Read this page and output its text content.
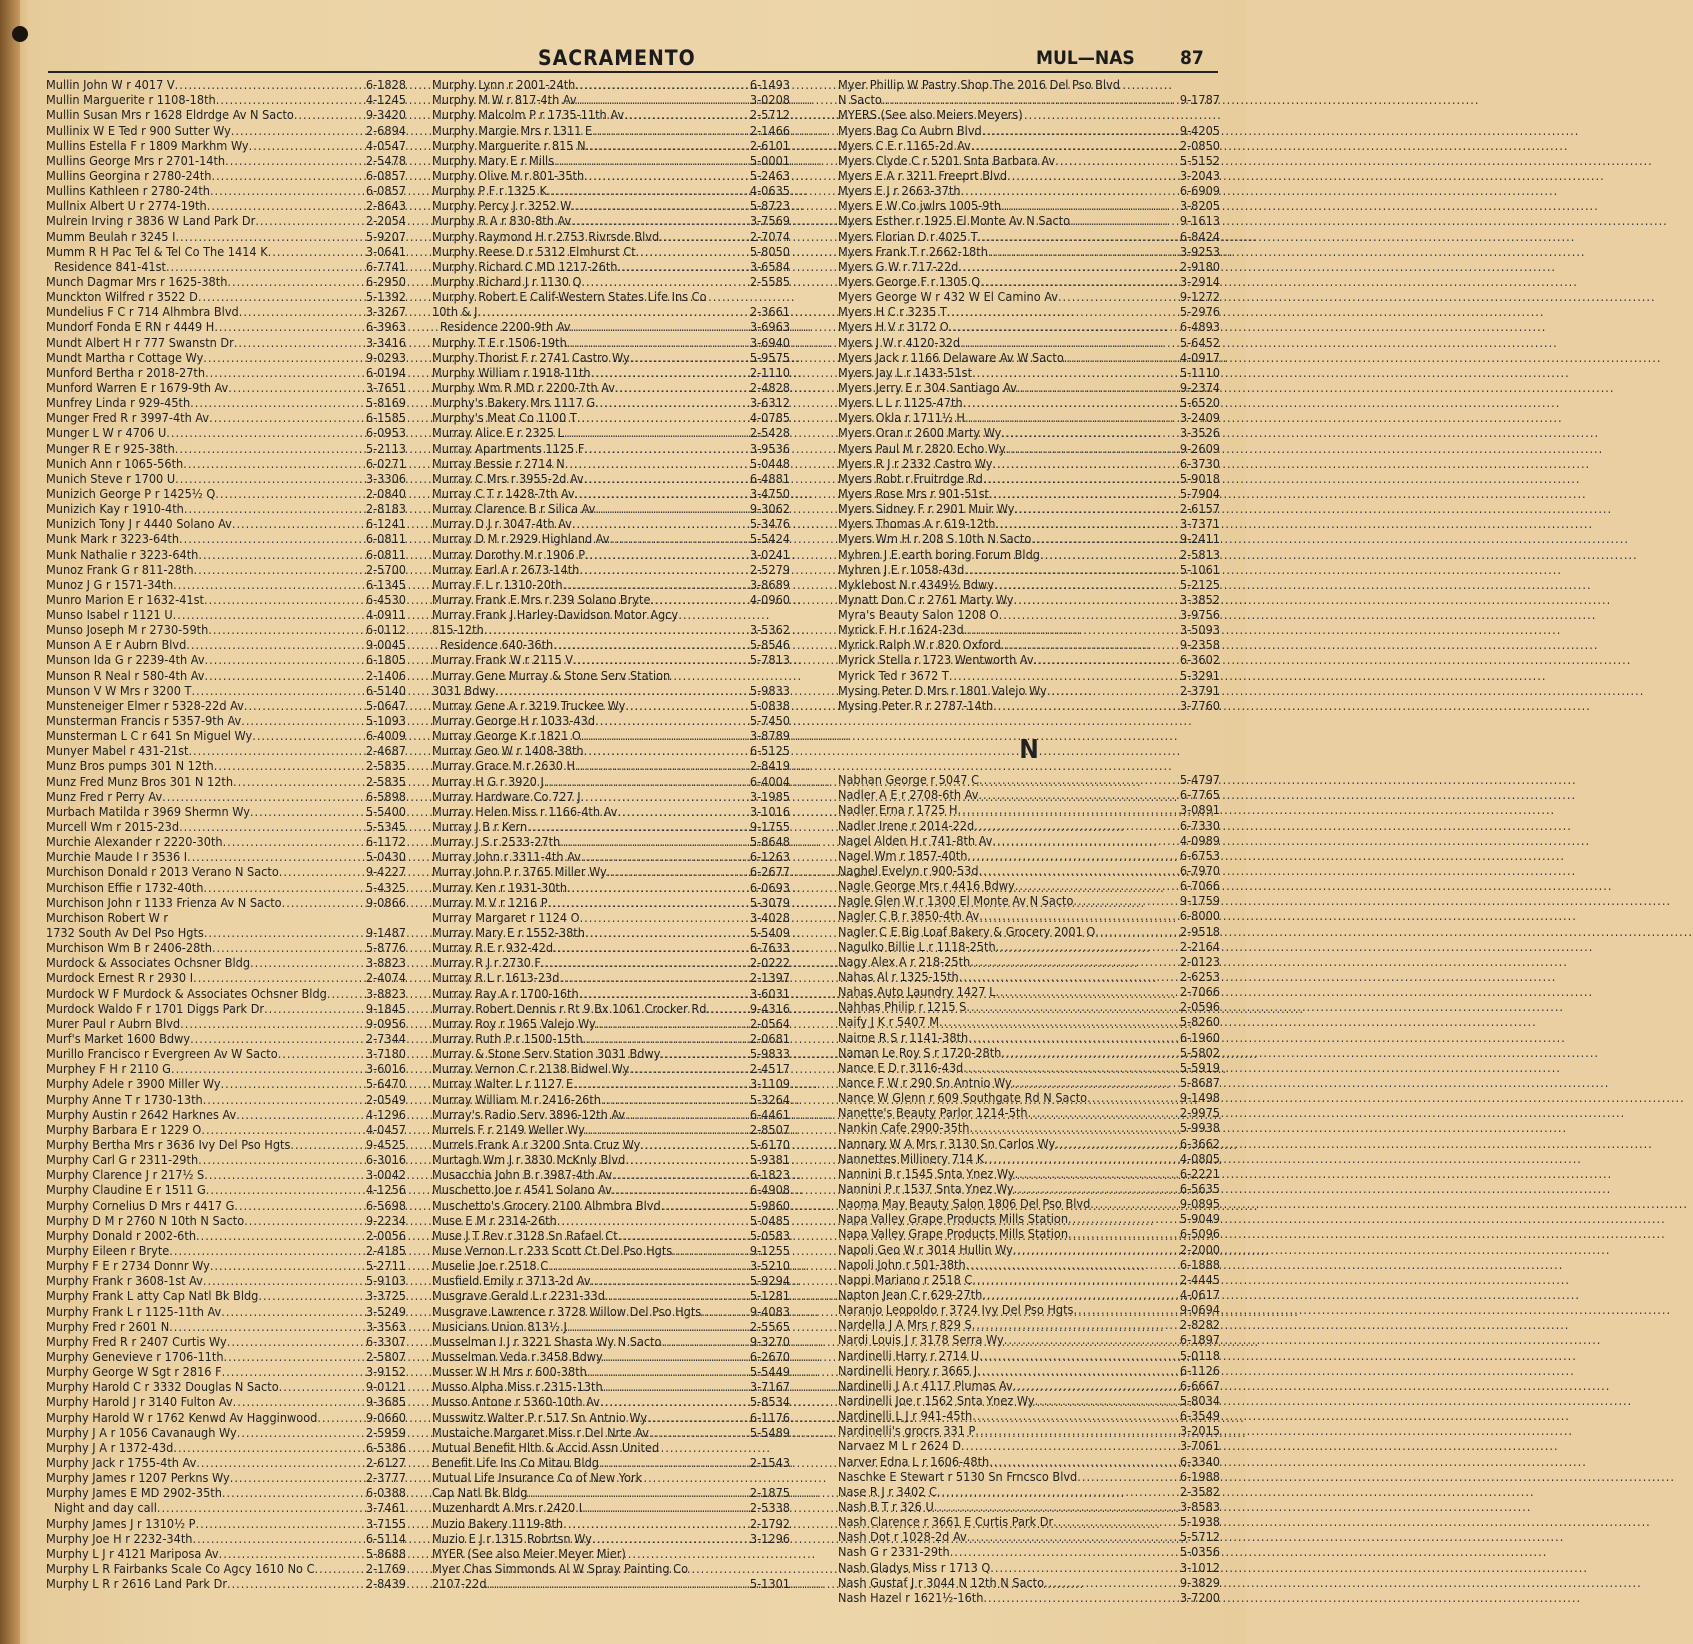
SACRAMENTO	MUL—NAS 87
Mullin John W r 4017 V .....	6-1828
Mullin Marguerite r 1108-18th .....	4-1245
Mullin Susan Mrs r 1628 Eldrdge Av N Sacto .....	9-3420
Mullinix W E Ted r 900 Sutter Wy .....	2-6894
Mullins Estella F r 1809 Markhm Wy .....	4-0547
Mullins George Mrs r 2701-14th .....	2-5478
Mullins Georgina r 2780-24th .....	6-0857
Mullins Kathleen r 2780-24th .....	6-0857
Mullnix Albert U r 2774-19th .....	2-8643
Mulrein Irving r 3836 W Land Park Dr .....	2-2054
Mumm Beulah r 3245 I .....	5-9207
Mumm R H Pac Tel & Tel Co The 1414 K .....	3-0641
Residence 841-41st .....	6-7741
Munch Dagmar Mrs r 1625-38th .....	6-2950
Munckton Wilfred r 3522 D .....	5-1392
Mundelius F C r 714 Alhmbra Blvd .....	3-3267
Mundorf Fonda E RN r 4449 H .....	6-3963
Mundt Albert H r 777 Swanstn Dr .....	3-3416
Mundt Martha r Cottage Wy .....	9-0293
Munford Bertha r 2018-27th .....	6-0194
Munford Warren E r 1679-9th Av .....	3-7651
Munfrey Linda r 929-45th .....	5-8169
Munger Fred R r 3997-4th Av .....	6-1585
Munger L W r 4706 U .....	6-0953
Munger R E r 925-38th .....	5-2113
Munich Ann r 1065-56th .....	6-0271
Munich Steve r 1700 U .....	3-3306
Munizich George P r 1425½ Q .....	2-0840
Munizich Kay r 1910-4th .....	2-8183
Munizich Tony J r 4440 Solano Av .....	6-1241
Munk Mark r 3223-64th .....	6-0811
Munk Nathalie r 3223-64th .....	6-0811
Munoz Frank G r 811-28th .....	2-5700
Munoz J G r 1571-34th .....	6-1345
Munro Marion E r 1632-41st .....	6-4530
Munso Isabel r 1121 U .....	4-0911
Munso Joseph M r 2730-59th .....	6-0112
Munson A E r Aubrn Blvd .....	9-0045
Munson Ida G r 2239-4th Av .....	6-1805
Munson R Neal r 580-4th Av .....	2-1406
Munson V W Mrs r 3200 T .....	6-5140
Munsteneiger Elmer r 5328-22d Av .....	5-0647
Munsterman Francis r 5357-9th Av .....	5-1093
Munsterman L C r 641 Sn Miguel Wy .....	6-4009
Munyer Mabel r 431-21st .....	2-4687
Munz Bros pumps 301 N 12th .....	2-5835
Munz Fred Munz Bros 301 N 12th .....	2-5835
Munz Fred r Perry Av .....	6-5898
Murbach Matilda r 3969 Shermn Wy .....	5-5400
Murcell Wm r 2015-23d .....	5-5345
Murchie Alexander r 2220-30th .....	6-1172
Murchie Maude I r 3536 I .....	5-0430
Murchison Donald r 2013 Verano N Sacto .....	9-4227
Murchison Effie r 1732-40th .....	5-4325
Murchison John r 1133 Frienza Av N Sacto .....	9-0866
Murchison Robert W r
1732 South Av Del Pso Hgts .....	9-1487
Murchison Wm B r 2406-28th .....	5-8776
Murdock & Associates Ochsner Bldg .....	3-8823
Murdock Ernest R r 2930 I .....	2-4074
Murdock W F Murdock & Associates Ochsner Bldg .....	3-8823
Murdock Waldo F r 1701 Diggs Park Dr .....	9-1845
Murer Paul r Aubrn Blvd .....	9-0956
Murf's Market 1600 Bdwy .....	2-7344
Murillo Francisco r Evergreen Av W Sacto .....	3-7180
Murphey F H r 2110 G .....	3-6016
Murphy Adele r 3900 Miller Wy .....	5-6470
Murphy Anne T r 1730-13th .....	2-0549
Murphy Austin r 2642 Harknes Av .....	4-1296
Murphy Barbara E r 1229 O .....	4-0457
Murphy Bertha Mrs r 3636 Ivy Del Pso Hgts .....	9-4525
Murphy Carl G r 2311-29th .....	6-3016
Murphy Clarence J r 217½ S .....	3-0042
Murphy Claudine E r 1511 G .....	4-1256
Murphy Cornelius D Mrs r 4417 G .....	6-5698
Murphy D M r 2760 N 10th N Sacto .....	9-2234
Murphy Donald r 2002-6th .....	2-0056
Murphy Eileen r Bryte .....	2-4185
Murphy F E r 2734 Donnr Wy .....	5-2711
Murphy Frank r 3608-1st Av .....	5-9103
Murphy Frank L atty Cap Natl Bk Bldg .....	3-3725
Murphy Frank L r 1125-11th Av .....	3-5249
Murphy Fred r 2601 N .....	3-3563
Murphy Fred R r 2407 Curtis Wy .....	6-3307
Murphy Genevieve r 1706-11th .....	2-5807
Murphy George W Sgt r 2816 F .....	3-9152
Murphy Harold C r 3332 Douglas N Sacto .....	9-0121
Murphy Harold J r 3140 Fulton Av .....	9-3685
Murphy Harold W r 1762 Kenwd Av Hagginwood .....	9-0660
Murphy J A r 1056 Cavanaugh Wy .....	2-5959
Murphy J A r 1372-43d .....	6-5386
Murphy Jack r 1755-4th Av .....	2-6127
Murphy James r 1207 Perkns Wy .....	2-3777
Murphy James E MD 2902-35th .....	6-0388
Night and day call .....	3-7461
Murphy James J r 1310½ P .....	3-7155
Murphy Joe H r 2232-34th .....	6-5114
Murphy L J r 4121 Mariposa Av .....	5-8688
Murphy L R Fairbanks Scale Co Agcy 1610 No C .....	2-1769
Murphy L R r 2616 Land Park Dr .....	2-8439
Murphy Lynn r 2001-24th .....	6-1493
Murphy M W r 817-4th Av .....	3-0208
Murphy Malcolm P r 1735-11th Av .....	2-5712
Murphy Margie Mrs r 1311 E .....	2-1466
Murphy Marguerite r 815 N .....	2-6101
Murphy Mary E r Mills .....	5-0001
Murphy Olive M r 801-35th .....	5-2463
Murphy P F r 1325 K .....	4-0635
Murphy Percy J r 3252 W .....	5-8723
Murphy R A r 830-8th Av .....	3-7569
Murphy Raymond H r 2753 Rivrsde Blvd .....	2-7074
Murphy Reese D r 5312 Elmhurst Ct .....	5-8050
Murphy Richard C MD 1217-26th .....	3-6584
Murphy Richard J r 1130 Q .....	2-5585
Murphy Robert E Calif-Western States Life Ins Co
10th & J .....	2-3661
Residence 2200-9th Av .....	3-6963
Murphy T E r 1506-19th .....	3-6940
Murphy Thorist F r 2741 Castro Wy .....	5-9575
Murphy William r 1918-11th .....	2-1110
Murphy Wm R MD r 2200-7th Av .....	2-4828
Murphy's Bakery Mrs 1117 G .....	3-6312
Murphy's Meat Co 1100 T .....	4-0785
Murray Alice E r 2325 L .....	2-5428
Murray Apartments 1125 F .....	3-9536
Murray Bessie r 2714 N .....	5-0448
Murray C Mrs r 3955-2d Av .....	6-4881
Murray C T r 1428-7th Av .....	3-4750
Murray Clarence B r Silica Av .....	9-3062
Murray D J r 3047-4th Av .....	5-3476
Murray D M r 2929 Highland Av .....	5-5424
Murray Dorothy M r 1906 P .....	3-0241
Murray Earl A r 2673-14th .....	2-5279
Murray F L r 1310-20th .....	3-8689
Murray Frank E Mrs r 239 Solano Bryte .....	4-0960
Murray Frank J Harley-Davidson Motor Agcy
815-12th .....	3-5362
Residence 640-36th .....	5-8546
Murray Frank W r 2115 V .....	5-7813
Murray Gene Murray & Stone Serv Station
3031 Bdwy .....	5-9833
Murray Gene A r 3219 Truckee Wy .....	5-0838
Murray George H r 1033-43d .....	5-7450
Murray George K r 1821 O .....	3-8789
Murray Geo W r 1408-38th .....	6-5125
Murray Grace M r 2630 H .....	2-8419
Murray H G r 3920 J .....	6-4004
Murray Hardware Co 727 J .....	3-1985
Murray Helen Miss r 1166-4th Av .....	3-1016
Murray J B r Kern .....	9-1755
Murray J S r 2533-27th .....	5-8648
Murray John r 3311-4th Av .....	6-1263
Murray John P r 3765 Miller Wy .....	6-2677
Murray Ken r 1931-30th .....	6-0693
Murray M V r 1216 P .....	5-3079
Murray Margaret r 1124 O .....	3-4028
Murray Mary E r 1552-38th .....	5-5409
Murray R E r 932-42d .....	6-7633
Murray R J r 2730 F .....	2-0222
Murray R L r 1613-23d .....	2-1397
Murray Ray A r 1700-16th .....	3-6031
Murray Robert Dennis r Rt 9 Bx 1061 Crocker Rd .....	9-4316
Murray Roy r 1965 Valejo Wy .....	2-0564
Murray Ruth P r 1500-15th .....	2-0681
Murray & Stone Serv Station 3031 Bdwy .....	5-9833
Murray Vernon C r 2138 Bidwel Wy .....	2-4517
Murray Walter L r 1127 E .....	3-1109
Murray William M r 2416-26th .....	5-3264
Murray's Radio Serv 3896-12th Av .....	6-4461
Murrels F r 2149 Weller Wy .....	2-8507
Murrels Frank A r 3200 Snta Cruz Wy .....	5-6170
Murtagh Wm J r 3830 McKnly Blvd .....	5-9381
Musacchia John B r 3987-4th Av .....	6-1823
Muschetto Joe r 4541 Solano Av .....	6-4908
Muschetto's Grocery 2100 Alhmbra Blvd .....	5-9860
Muse E M r 2314-26th .....	5-0485
Muse J T Rev r 3128 Sn Rafael Ct .....	5-0583
Muse Vernon L r 233 Scott Ct Del Pso Hgts .....	9-1255
Muselie Joe r 2518 C .....	3-5210
Musfield Emily r 3713-2d Av .....	5-9294
Musgrave Gerald L r 2231-33d .....	5-1281
Musgrave Lawrence r 3728 Willow Del Pso Hgts .....	9-4083
Musicians Union 813½ J .....	2-5565
Musselman I J r 3221 Shasta Wy N Sacto .....	9-3270
Musselman Veda r 3458 Bdwy .....	6-2670
Musser W H Mrs r 600-38th .....	5-5449
Musso Alpha Miss r 2315-13th .....	3-7167
Musso Antone r 5360-10th Av .....	5-8534
Musswitz Walter P r 517 Sn Antnio Wy .....	6-1176
Mustaiche Margaret Miss r Del Nrte Av .....	5-5489
Mutual Benefit Hlth & Accid Assn United
Benefit Life Ins Co Mitau Bldg .....	2-1543
Mutual Life Insurance Co of New York
Cap Natl Bk Bldg .....	2-1875
Muzenhardt A Mrs r 2420 I .....	2-5338
Muzio Bakery 1119-8th .....	2-1792
Muzio E J r 1315 Robrtsn Wy .....	3-1296
MYER (See also Meier Meyer Mier)
Myer Chas Simmonds Al W Spray Painting Co
2107-22d .....	5-1301
Myer Phillip W Pastry Shop The 2016 Del Pso Blvd
N Sacto .....	9-1787
MYERS (See also Meiers Meyers)
Myers Bag Co Aubrn Blvd .....	9-4205
Myers C E r 1165-2d Av .....	2-0850
Myers Clyde C r 5201 Snta Barbara Av .....	5-5152
Myers E A r 3211 Freeprt Blvd .....	3-2043
Myers E J r 2663-37th .....	6-6909
Myers E W Co jwlrs 1005-9th .....	3-8205
Myers Esther r 1925 El Monte Av N Sacto .....	9-1613
Myers Florian D r 4025 T .....	6-8424
Myers Frank T r 2662-18th .....	3-9253
Myers G W r 717-22d .....	2-9180
Myers George F r 1305 Q .....	3-2914
Myers George W r 432 W El Camino Av .....	9-1272
Myers H C r 3235 T .....	5-2976
Myers H V r 3172 O .....	6-4893
Myers J W r 4120-32d .....	5-6452
Myers Jack r 1166 Delaware Av W Sacto .....	4-0917
Myers Jay L r 1433-51st .....	5-1110
Myers Jerry E r 304 Santiago Av .....	9-2374
Myers L L r 1125-47th .....	5-6520
Myers Okla r 1711½ H .....	3-2409
Myers Oran r 2600 Marty Wy .....	3-3526
Myers Paul M r 2820 Echo Wy .....	9-2609
Myers R J r 2332 Castro Wy .....	6-3730
Myers Robt r Fruitrdge Rd .....	5-9018
Myers Rose Mrs r 901-51st .....	5-7904
Myers Sidney F r 2901 Muir Wy .....	2-6157
Myers Thomas A r 619-12th .....	3-7371
Myers Wm H r 208 S 10th N Sacto .....	9-2411
Myhren J E earth boring Forum Bldg .....	2-5813
Myhren J E r 1058-43d .....	5-1061
Myklebost N r 4349½ Bdwy .....	5-2125
Mynatt Don C r 2761 Marty Wy .....	3-3852
Myra's Beauty Salon 1208 O .....	3-9756
Myrick F H r 1624-23d .....	3-5093
Myrick Ralph W r 820 Oxford .....	9-2358
Myrick Stella r 1723 Wentworth Av .....	6-3602
Myrick Ted r 3672 T .....	5-3291
Mysing Peter D Mrs r 1801 Valejo Wy .....	2-3791
Mysing Peter R r 2787-14th .....	3-7760
N
Nabhan George r 5047 C .....	5-4797
Nadler A E r 2708-6th Av .....	6-7765
Nadler Erna r 1725 H .....	3-0891
Nadler Irene r 2014-22d .....	6-7330
Nagel Alden H r 741-8th Av .....	4-0989
Nagel Wm r 1857-40th .....	6-6753
Naghel Evelyn r 900-53d .....	6-7970
Nagle George Mrs r 4416 Bdwy .....	6-7066
Nagle Glen W r 1300 El Monte Av N Sacto .....	9-1759
Nagler C B r 3850-4th Av .....	6-8000
Nagler C E Big Loaf Bakery & Grocery 2001 O .....	2-9518
Nagulko Billie L r 1118-25th .....	2-2164
Nagy Alex A r 218-25th .....	2-0123
Nahas Al r 1325-15th .....	2-6253
Nahas Auto Laundry 1427 L .....	2-7066
Nahhas Philip r 1215 S .....	2-0596
Naify J K r 5407 M .....	5-8260
Nairne R S r 1141-38th .....	6-1960
Naman Le Roy S r 1720-28th .....	5-5802
Nance E D r 3116-43d .....	5-5919
Nance F W r 290 Sn Antnio Wy .....	5-8687
Nance W Glenn r 609 Southgate Rd N Sacto .....	9-1498
Nanette's Beauty Parlor 1214-5th .....	2-9975
Nankin Cafe 2900-35th .....	5-9938
Nannary W A Mrs r 3130 Sn Carlos Wy .....	6-3662
Nannettes Millinery 714 K .....	4-0805
Nannini B r 1545 Snta Ynez Wy .....	6-2221
Nannini P r 1537 Snta Ynez Wy .....	6-5635
Naoma May Beauty Salon 1806 Del Pso Blvd .....	9-0895
Napa Valley Grape Products Mills Station .....	5-9049
Napa Valley Grape Products Mills Station .....	6-5096
Napoli Geo W r 3014 Hullin Wy .....	2-2000
Napoli John r 501-38th .....	6-1888
Nappi Mariano r 2518 C .....	2-4445
Napton Jean C r 629-27th .....	4-0617
Naranjo Leopoldo r 3724 Ivy Del Pso Hgts .....	9-0694
Nardella J A Mrs r 829 S .....	2-8282
Nardi Louis J r 3178 Serra Wy .....	6-1897
Nardinelli Harry r 2714 U .....	5-0118
Nardinelli Henry r 3665 J .....	6-1126
Nardinelli J A r 4117 Plumas Av .....	6-6667
Nardinelli Joe r 1562 Snta Ynez Wy .....	5-8034
Nardinelli L J r 941-45th .....	6-3549
Nardinelli's grocrs 331 P .....	3-2015
Narvaez M L r 2624 D .....	3-7061
Narver Edna L r 1606-48th .....	6-3340
Naschke E Stewart r 5130 Sn Frncsco Blvd .....	6-1988
Nase R J r 3402 C .....	2-3582
Nash B T r 326 U .....	3-8583
Nash Clarence r 3661 E Curtis Park Dr .....	5-1938
Nash Dot r 1028-2d Av .....	5-5712
Nash G r 2331-29th .....	5-0356
Nash Gladys Miss r 1713 Q .....	3-1012
Nash Gustaf J r 3044 N 12th N Sacto .....	9-3829
Nash Hazel r 1621½-16th .....	3-7200
